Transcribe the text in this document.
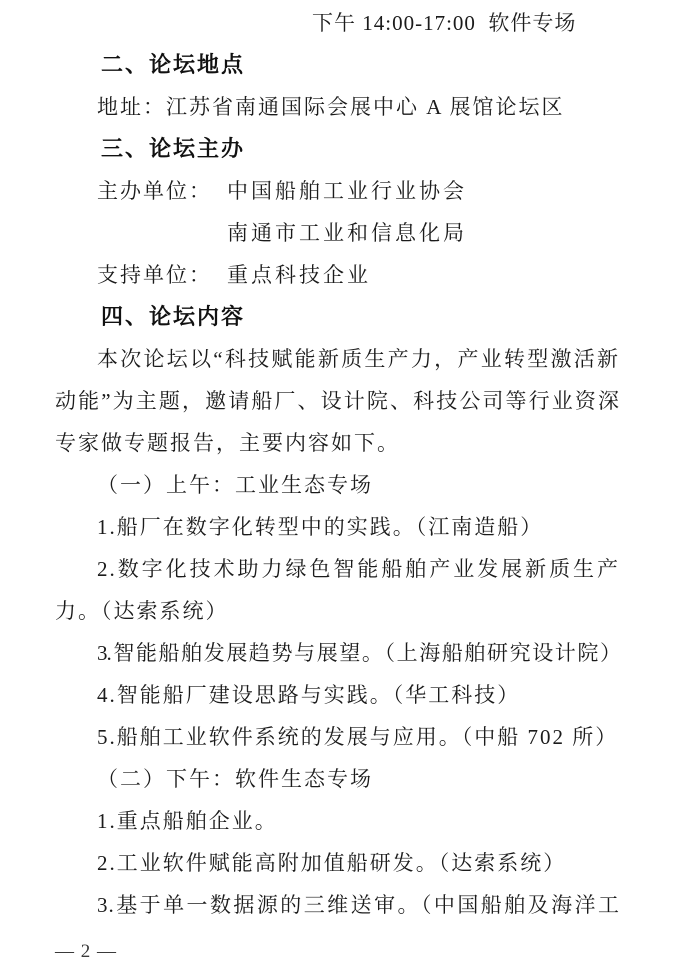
下午 14:00-17:00  软件专场
二、论坛地点
地址：江苏省南通国际会展中心 A 展馆论坛区
三、论坛主办
主办单位： 中国船舶工业行业协会
南通市工业和信息化局
支持单位： 重点科技企业
四、论坛内容
本次论坛以“科技赋能新质生产力，产业转型激活新
动能”为主题，邀请船厂、设计院、科技公司等行业资深
专家做专题报告，主要内容如下。
（一）上午：工业生态专场
1.船厂在数字化转型中的实践。（江南造船）
2.数字化技术助力绿色智能船舶产业发展新质生产
力。（达索系统）
3.智能船舶发展趋势与展望。（上海船舶研究设计院）
4.智能船厂建设思路与实践。（华工科技）
5.船舶工业软件系统的发展与应用。（中船 702 所）
（二）下午：软件生态专场
1.重点船舶企业。
2.工业软件赋能高附加值船研发。（达索系统）
3.基于单一数据源的三维送审。（中国船舶及海洋工
— 2 —
